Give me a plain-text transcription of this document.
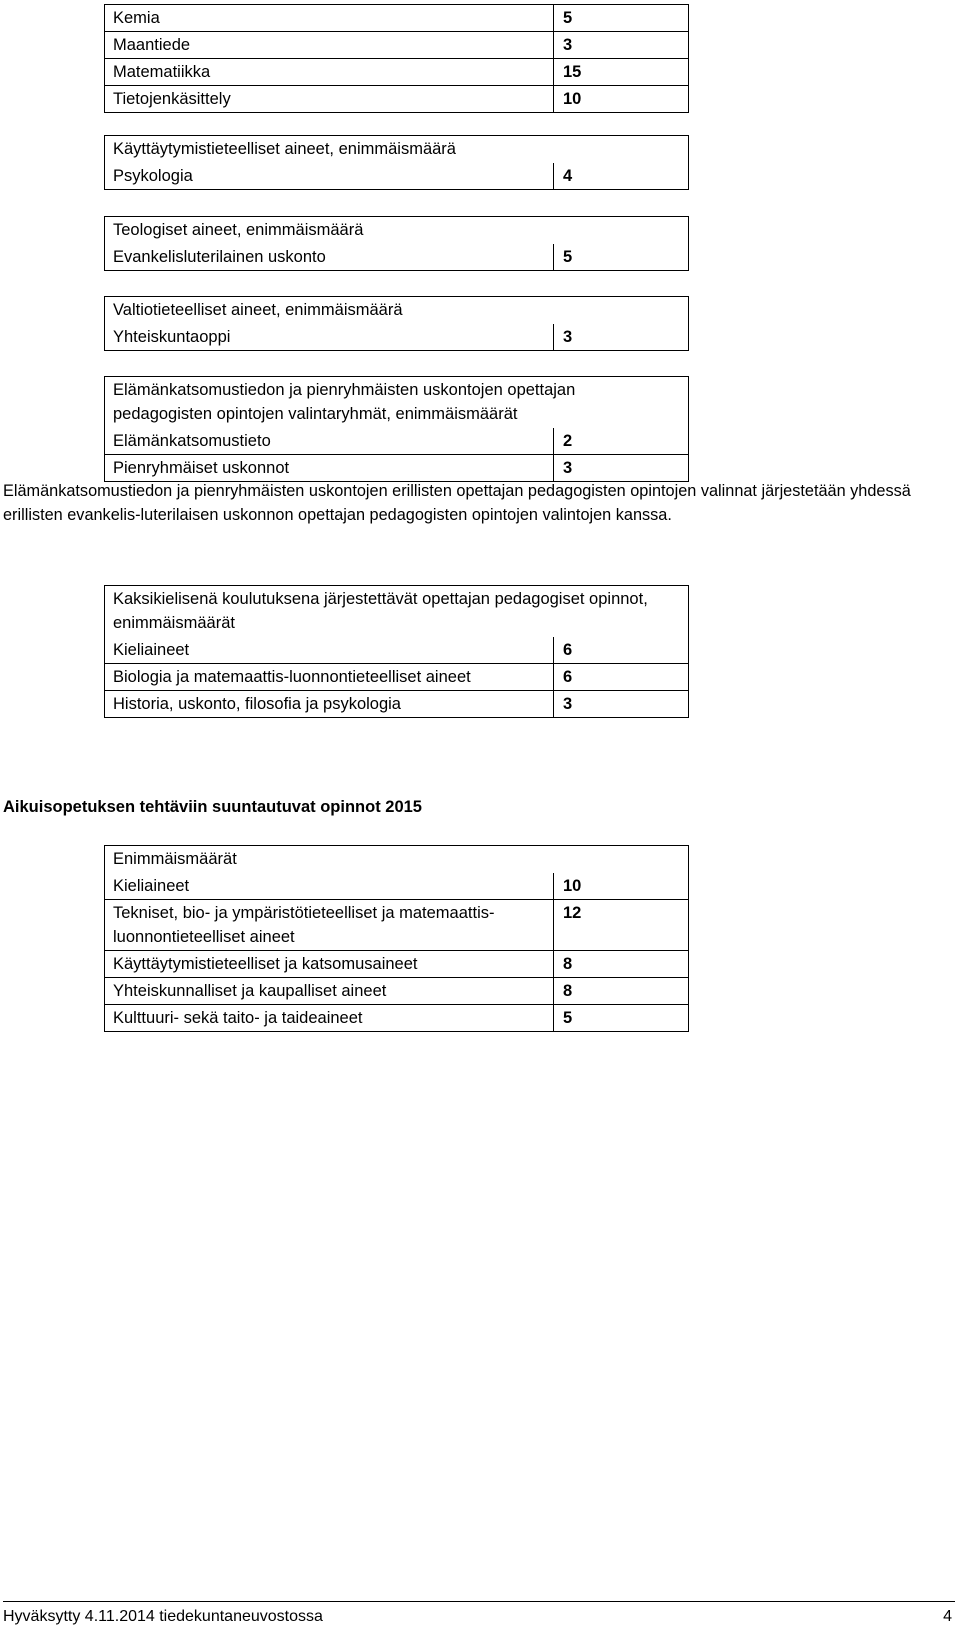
Kemia	5
Maantiede	3
Matematiikka	15
Tietojenkäsittely	10
Käyttäytymistieteelliset aineet, enimmäismäärä
Psykologia	4
Teologiset aineet, enimmäismäärä
Evankelisluterilainen uskonto	5
Valtiotieteelliset aineet, enimmäismäärä
Yhteiskuntaoppi	3
Elämänkatsomustiedon ja pienryhmäisten uskontojen opettajan pedagogisten opintojen valintaryhmät, enimmäismäärät	
Elämänkatsomustieto	2
Pienryhmäiset uskonnot	3

Elämänkatsomustiedon ja pienryhmäisten uskontojen erillisten opettajan pedagogisten opintojen valinnat järjestetään yhdessä erillisten evankelis-luterilaisen uskonnon opettajan pedagogisten opintojen valintojen kanssa.

Kaksikielisenä koulutuksena järjestettävät opettajan pedagogiset opinnot, enimmäismäärät	
Kieliaineet	6
Biologia ja matemaattis-luonnontieteelliset aineet	6
Historia, uskonto, filosofia ja psykologia	3
Aikuisopetuksen tehtäviin suuntautuvat opinnot 2015
Enimmäismäärät	
Kieliaineet	10
Tekniset, bio- ja ympäristötieteelliset ja matemaattis-luonnontieteelliset aineet	12
Käyttäytymistieteelliset ja katsomusaineet	8
Yhteiskunnalliset ja kaupalliset aineet	8
Kulttuuri- sekä taito- ja taideaineet	5
Hyväksytty 4.11.2014 tiedekuntaneuvostossa	4
